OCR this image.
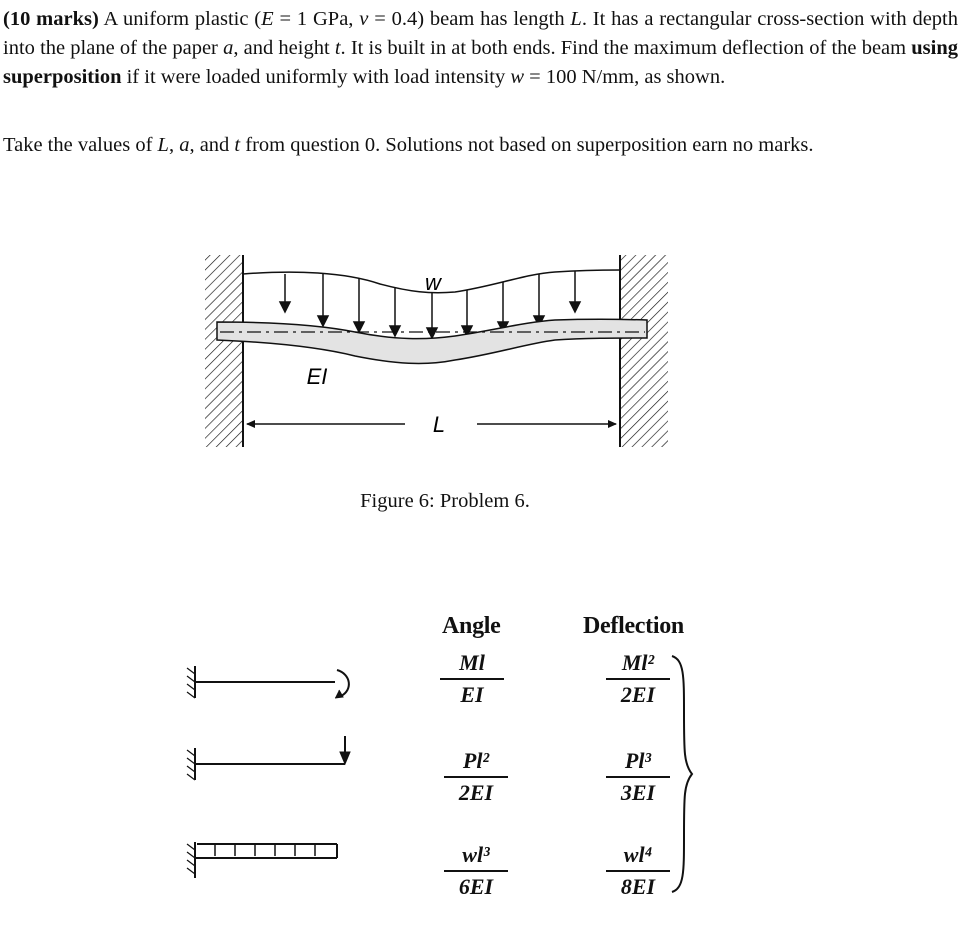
(10 marks) A uniform plastic (E = 1 GPa, ν = 0.4) beam has length L. It has a rectangular cross-section with depth into the plane of the paper a, and height t. It is built in at both ends. Find the maximum deflection of the beam using superposition if it were loaded uniformly with load intensity w = 100 N/mm, as shown.

Take the values of L, a, and t from question 0. Solutions not based on superposition earn no marks.

w
EI
L
Figure 6: Problem 6.
Angle	Deflection
Ml
EI
Pl²
2EI
wl³
6EI
Ml²
2EI
Pl³
3EI
wl⁴
8EI
